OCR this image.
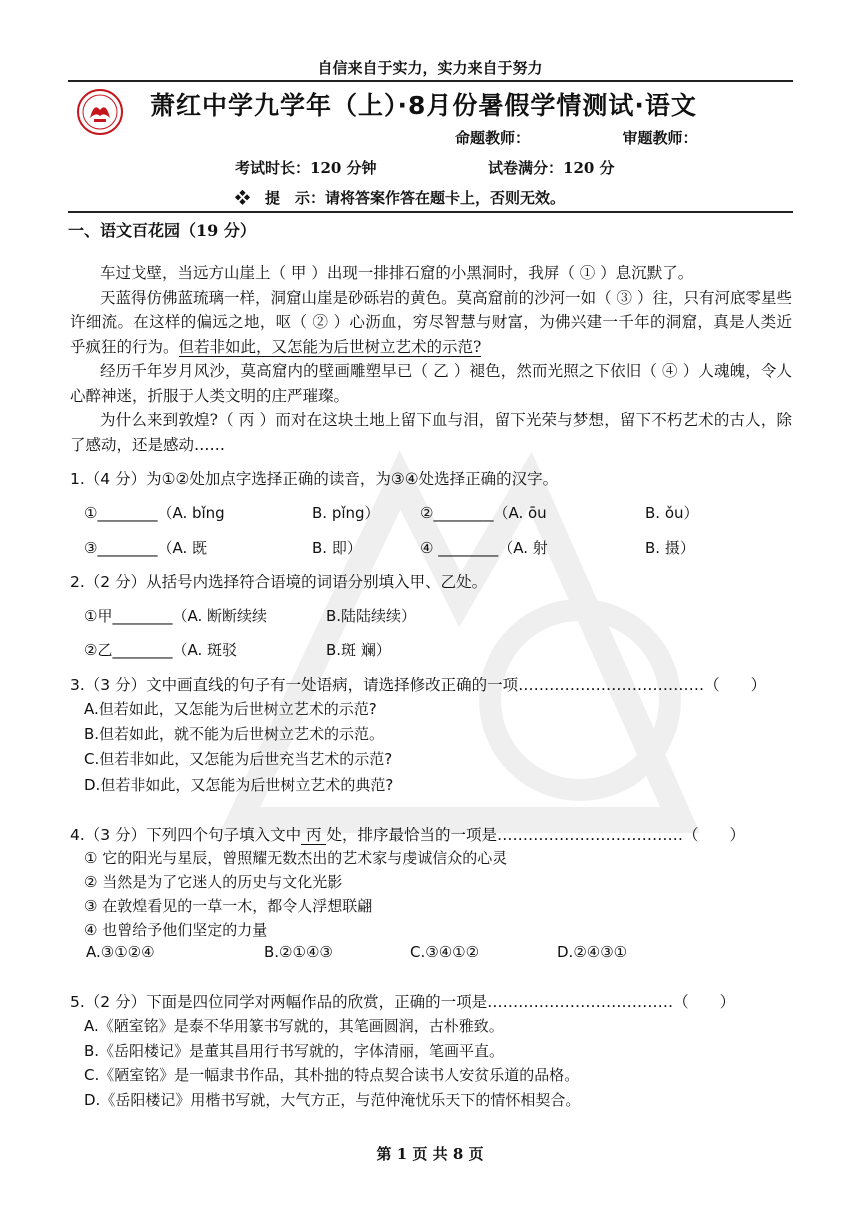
自信来自于实力，实力来自于努力
萧红中学九学年（上）·8月份暑假学情测试·语文
命题教师：	审题教师：
考试时长：120 分钟	试卷满分：120 分
❖　提　示：请将答案作答在题卡上，否则无效。
一、语文百花园（19 分）

车过戈壁，当远方山崖上（ 甲 ）出现一排排石窟的小黑洞时，我屏（ ① ）息沉默了。

天蓝得仿佛蓝琉璃一样，洞窟山崖是砂砾岩的黄色。莫高窟前的沙河一如（ ③ ）往，只有河底零星些许细流。在这样的偏远之地，呕（ ② ）心沥血，穷尽智慧与财富，为佛兴建一千年的洞窟，真是人类近乎疯狂的行为。但若非如此，又怎能为后世树立艺术的示范?

经历千年岁月风沙，莫高窟内的壁画雕塑早已（ 乙 ）褪色，然而光照之下依旧（ ④ ）人魂魄，令人心醉神迷，折服于人类文明的庄严璀璨。

为什么来到敦煌?（ 丙 ）而对在这块土地上留下血与泪，留下光荣与梦想，留下不朽艺术的古人，除了感动，还是感动……

1.（4 分）为①②处加点字选择正确的读音，为③④处选择正确的汉字。
①________（A. bǐng	B. pǐng）	②________（A. ōu	B. ǒu）
③________（A. 既	B. 即）	④ ________（A. 射	B. 摄）
2.（2 分）从括号内选择符合语境的词语分别填入甲、乙处。
①甲________（A. 断断续续	B.陆陆续续）
②乙________（A. 斑驳	B.斑 斓）
3.（3 分）文中画直线的句子有一处语病，请选择修改正确的一项………………………………（　　）
A.但若如此，又怎能为后世树立艺术的示范?
B.但若如此，就不能为后世树立艺术的示范。
C.但若非如此，又怎能为后世充当艺术的示范?
D.但若非如此，又怎能为后世树立艺术的典范?
4.（3 分）下列四个句子填入文中 丙 处，排序最恰当的一项是………………………………（　　）
① 它的阳光与星辰，曾照耀无数杰出的艺术家与虔诚信众的心灵
② 当然是为了它迷人的历史与文化光影
③ 在敦煌看见的一草一木，都令人浮想联翩
④ 也曾给予他们坚定的力量
A.③①②④	B.②①④③	C.③④①②	D.②④③①
5.（2 分）下面是四位同学对两幅作品的欣赏，正确的一项是………………………………（　　）
A.《陋室铭》是泰不华用篆书写就的，其笔画圆润，古朴雅致。
B.《岳阳楼记》是董其昌用行书写就的，字体清丽，笔画平直。
C.《陋室铭》是一幅隶书作品，其朴拙的特点契合读书人安贫乐道的品格。
D.《岳阳楼记》用楷书写就，大气方正，与范仲淹忧乐天下的情怀相契合。
第 1 页 共 8 页
